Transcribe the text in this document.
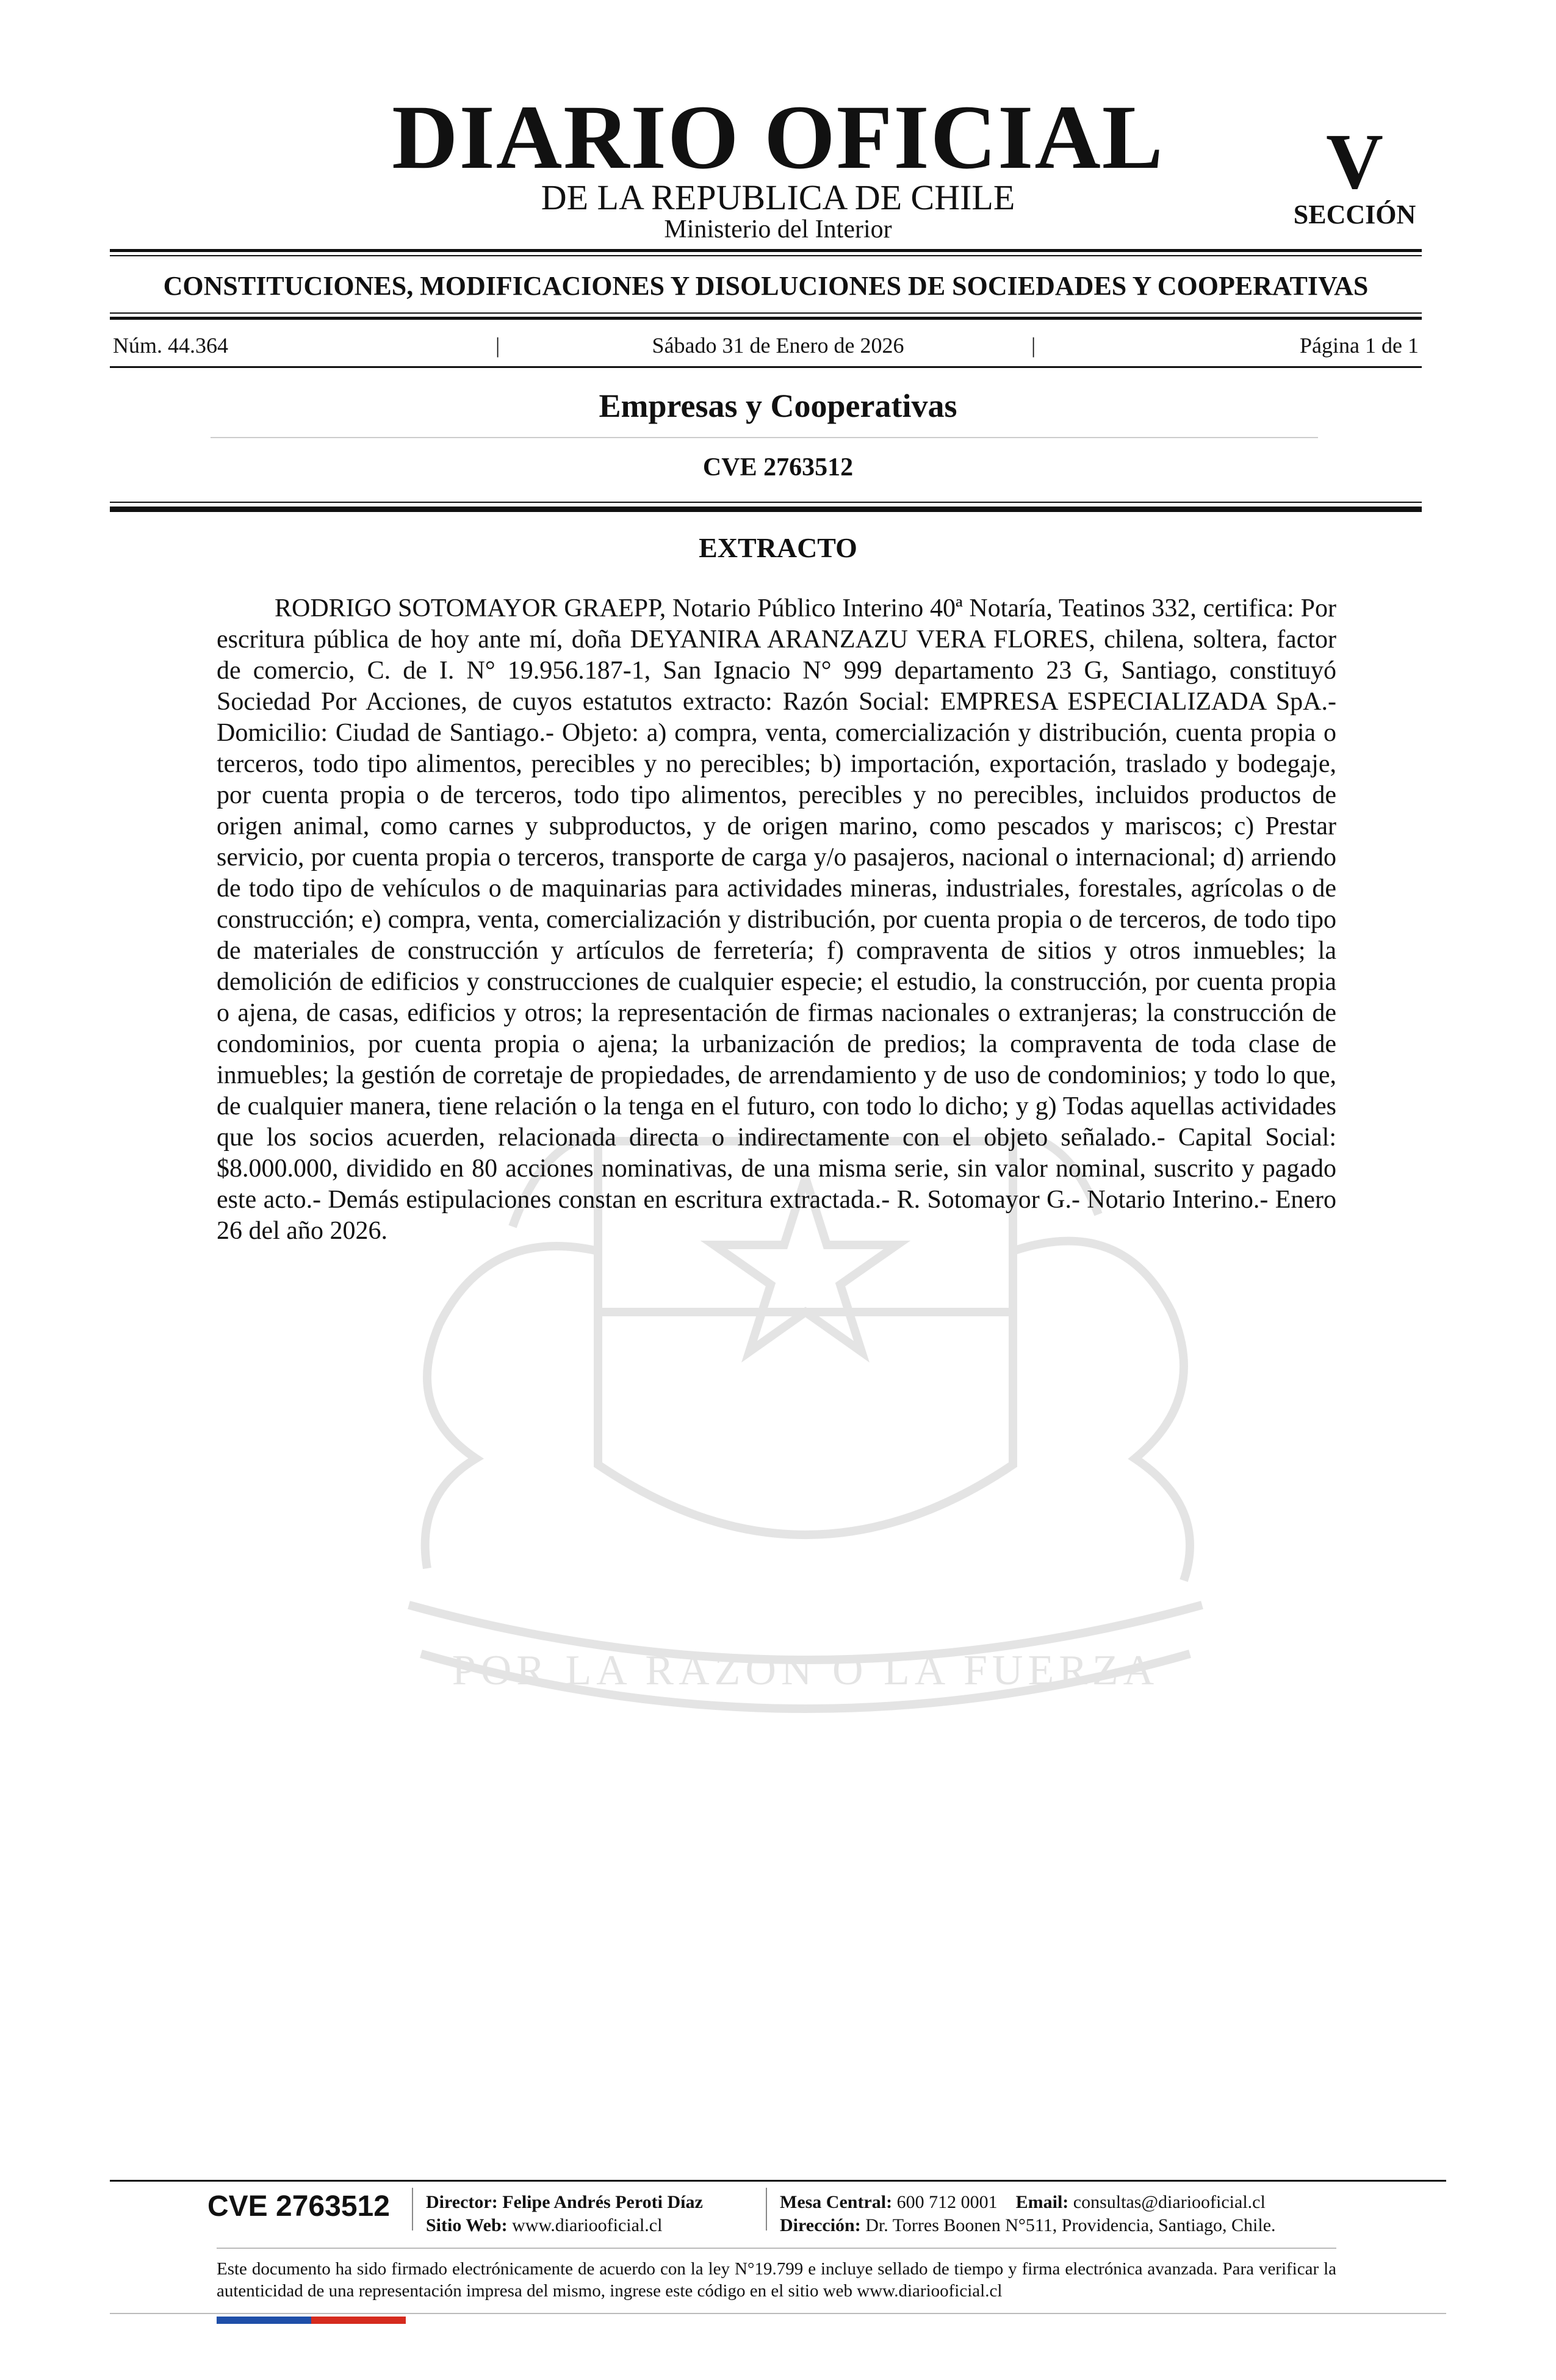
POR LA RAZON O LA FUERZA
DIARIO OFICIAL
DE LA REPUBLICA DE CHILE
Ministerio del Interior
V
SECCIÓN
CONSTITUCIONES, MODIFICACIONES Y DISOLUCIONES DE SOCIEDADES Y COOPERATIVAS
Núm. 44.364	|	Sábado 31 de Enero de 2026	|	Página 1 de 1
Empresas y Cooperativas
CVE 2763512
EXTRACTO

RODRIGO SOTOMAYOR GRAEPP, Notario Público Interino 40ª Notaría, Teatinos 332, certifica: Por escritura pública de hoy ante mí, doña DEYANIRA ARANZAZU VERA FLORES, chilena, soltera, factor de comercio, C. de I. N° 19.956.187-1, San Ignacio N° 999 departamento 23 G, Santiago, constituyó Sociedad Por Acciones, de cuyos estatutos extracto: Razón Social: EMPRESA ESPECIALIZADA SpA.- Domicilio: Ciudad de Santiago.- Objeto: a) compra, venta, comercialización y distribución, cuenta propia o terceros, todo tipo alimentos, perecibles y no perecibles; b) importación, exportación, traslado y bodegaje, por cuenta propia o de terceros, todo tipo alimentos, perecibles y no perecibles, incluidos productos de origen animal, como carnes y subproductos, y de origen marino, como pescados y mariscos; c) Prestar servicio, por cuenta propia o terceros, transporte de carga y/o pasajeros, nacional o internacional; d) arriendo de todo tipo de vehículos o de maquinarias para actividades mineras, industriales, forestales, agrícolas o de construcción; e) compra, venta, comercialización y distribución, por cuenta propia o de terceros, de todo tipo de materiales de construcción y artículos de ferretería; f) compraventa de sitios y otros inmuebles; la demolición de edificios y construcciones de cualquier especie; el estudio, la construcción, por cuenta propia o ajena, de casas, edificios y otros; la representación de firmas nacionales o extranjeras; la construcción de condominios, por cuenta propia o ajena; la urbanización de predios; la compraventa de toda clase de inmuebles; la gestión de corretaje de propiedades, de arrendamiento y de uso de condominios; y todo lo que, de cualquier manera, tiene relación o la tenga en el futuro, con todo lo dicho; y g) Todas aquellas actividades que los socios acuerden, relacionada directa o indirectamente con el objeto señalado.- Capital Social: $8.000.000, dividido en 80 acciones nominativas, de una misma serie, sin valor nominal, suscrito y pagado este acto.- Demás estipulaciones constan en escritura extractada.- R. Sotomayor G.- Notario Interino.- Enero 26 del año 2026.

CVE 2763512	Director: Felipe Andrés Peroti Díaz
Sitio Web: www.diariooficial.cl
Mesa Central: 600 712 0001 Email: consultas@diariooficial.cl
Dirección: Dr. Torres Boonen N°511, Providencia, Santiago, Chile.

Este documento ha sido firmado electrónicamente de acuerdo con la ley N°19.799 e incluye sellado de tiempo y firma electrónica avanzada. Para verificar la autenticidad de una representación impresa del mismo, ingrese este código en el sitio web www.diariooficial.cl
